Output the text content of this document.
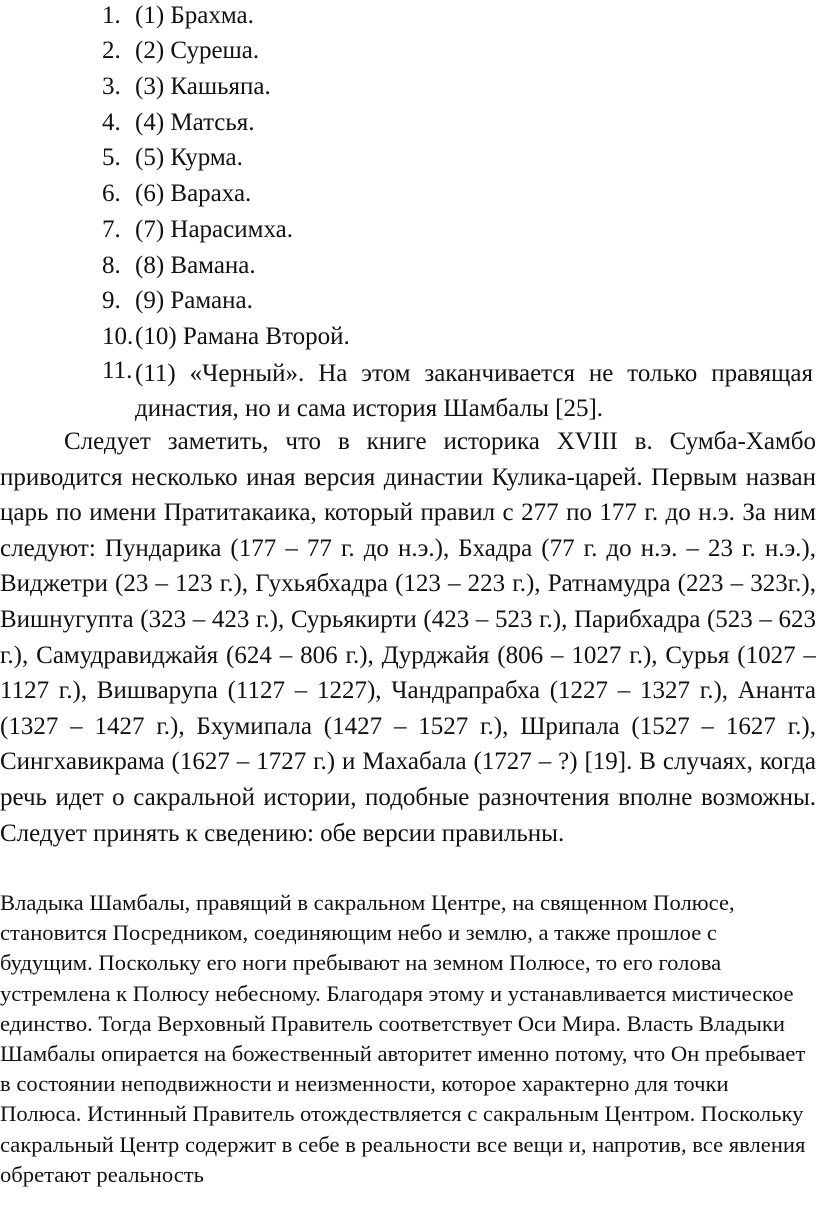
1. (1) Брахма.
2. (2) Суреша.
3. (3) Кашьяпа.
4. (4) Матсья.
5. (5) Курма.
6. (6) Вараха.
7. (7) Нарасимха.
8. (8) Вамана.
9. (9) Рамана.
10. (10) Рамана Второй.
11. (11) «Черный». На этом заканчивается не только правящая династия, но и сама история Шамбалы [25].

Следует заметить, что в книге историка XVIII в. Сумба-Хамбо приводится несколько иная версия династии Кулика-царей. Первым назван царь по имени Пратитакаика, который правил с 277 по 177 г. до н.э. За ним следуют: Пундарика (177 – 77 г. до н.э.), Бхадра (77 г. до н.э. – 23 г. н.э.), Виджетри (23 – 123 г.), Гухьябхадра (123 – 223 г.), Ратнамудра (223 – 323г.), Вишнугупта (323 – 423 г.), Сурьякирти (423 – 523 г.), Парибхадра (523 – 623 г.), Самудравиджайя (624 – 806 г.), Дурджайя (806 – 1027 г.), Сурья (1027 – 1127 г.), Вишварупа (1127 – 1227), Чандрапрабха (1227 – 1327 г.), Ананта (1327 – 1427 г.), Бхумипала (1427 – 1527 г.), Шрипала (1527 – 1627 г.), Сингхавикрама (1627 – 1727 г.) и Махабала (1727 – ?) [19]. В случаях, когда речь идет о сакральной истории, подобные разночтения вполне возможны. Следует принять к сведению: обе версии правильны.

Владыка Шамбалы, правящий в сакральном Центре, на священном Полюсе, становится Посредником, соединяющим небо и землю, а также прошлое с будущим. Поскольку его ноги пребывают на земном Полюсе, то его голова устремлена к Полюсу небесному. Благодаря этому и устанавливается мистическое единство. Тогда Верховный Правитель соответствует Оси Мира. Власть Владыки Шамбалы опирается на божественный авторитет именно потому, что Он пребывает в состоянии неподвижности и неизменности, которое характерно для точки Полюса. Истинный Правитель отождествляется с сакральным Центром. Поскольку сакральный Центр содержит в себе в реальности все вещи и, напротив, все явления обретают реальность
